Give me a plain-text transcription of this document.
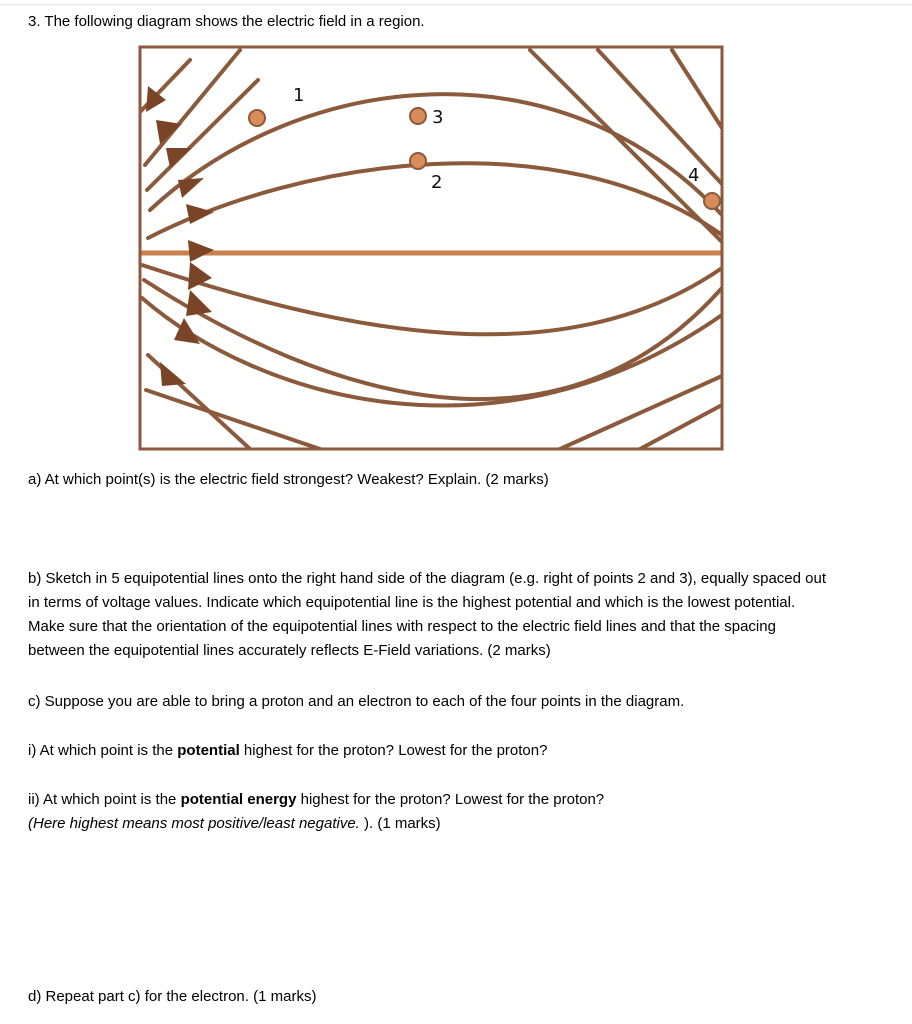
3. The following diagram shows the electric field in a region.
1
3
2	4
a) At which point(s) is the electric field strongest? Weakest? Explain. (2 marks)
b) Sketch in 5 equipotential lines onto the right hand side of the diagram (e.g. right of points 2 and 3), equally spaced out
in terms of voltage values. Indicate which equipotential line is the highest potential and which is the lowest potential.
Make sure that the orientation of the equipotential lines with respect to the electric field lines and that the spacing
between the equipotential lines accurately reflects E-Field variations. (2 marks)
c) Suppose you are able to bring a proton and an electron to each of the four points in the diagram.
i) At which point is the potential highest for the proton? Lowest for the proton?
ii) At which point is the potential energy highest for the proton? Lowest for the proton?
(Here highest means most positive/least negative. ). (1 marks)
d) Repeat part c) for the electron. (1 marks)
